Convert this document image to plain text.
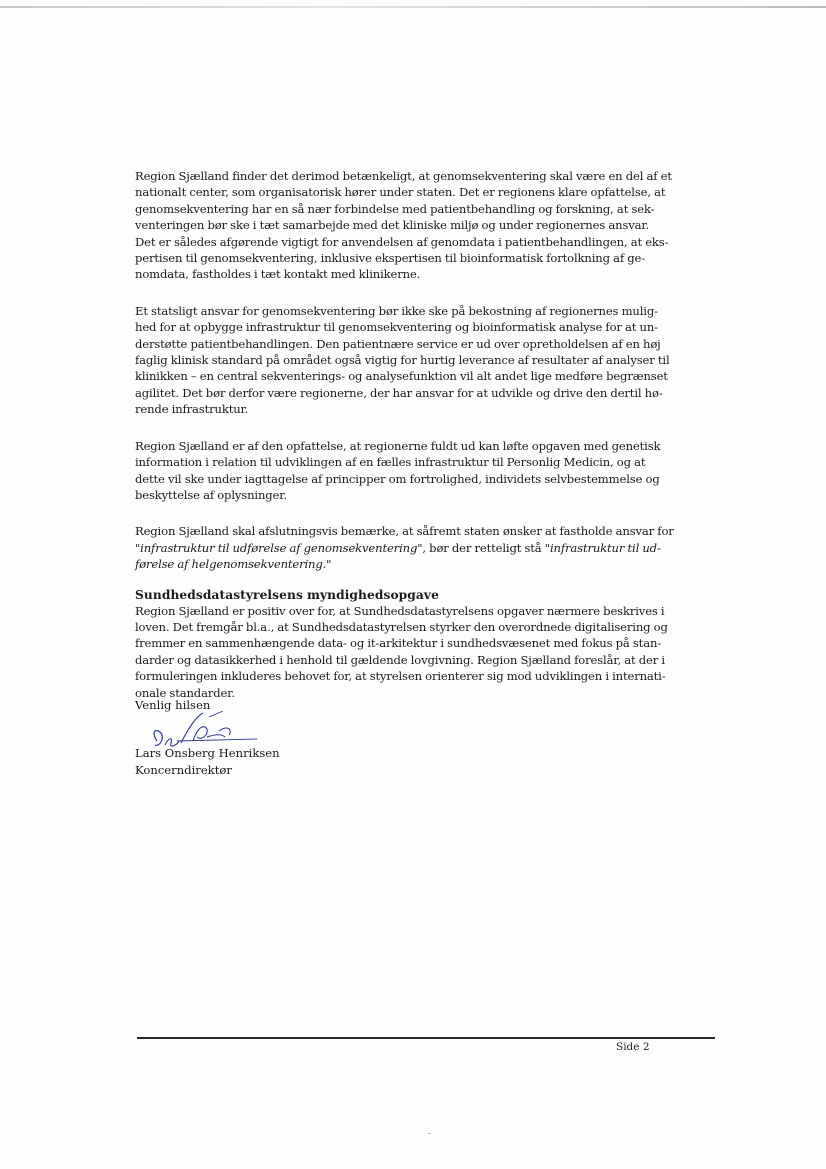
Region Sjælland finder det derimod betænkeligt, at genomsekventering skal være en del af et
nationalt center, som organisatorisk hører under staten. Det er regionens klare opfattelse, at
genomsekventering har en så nær forbindelse med patientbehandling og forskning, at sek-
venteringen bør ske i tæt samarbejde med det kliniske miljø og under regionernes ansvar.
Det er således afgørende vigtigt for anvendelsen af genomdata i patientbehandlingen, at eks-
pertisen til genomsekventering, inklusive ekspertisen til bioinformatisk fortolkning af ge-
nomdata, fastholdes i tæt kontakt med klinikerne.

Et statsligt ansvar for genomsekventering bør ikke ske på bekostning af regionernes mulig-
hed for at opbygge infrastruktur til genomsekventering og bioinformatisk analyse for at un-
derstøtte patientbehandlingen. Den patientnære service er ud over opretholdelsen af en høj
faglig klinisk standard på området også vigtig for hurtig leverance af resultater af analyser til
klinikken – en central sekventerings- og analysefunktion vil alt andet lige medføre begrænset
agilitet. Det bør derfor være regionerne, der har ansvar for at udvikle og drive den dertil hø-
rende infrastruktur.

Region Sjælland er af den opfattelse, at regionerne fuldt ud kan løfte opgaven med genetisk
information i relation til udviklingen af en fælles infrastruktur til Personlig Medicin, og at
dette vil ske under iagttagelse af principper om fortrolighed, individets selvbestemmelse og
beskyttelse af oplysninger.

Region Sjælland skal afslutningsvis bemærke, at såfremt staten ønsker at fastholde ansvar for
"infrastruktur til udførelse af genomsekventering", bør der retteligt stå "infrastruktur til ud-
førelse af helgenomsekventering."

Sundhedsdatastyrelsens myndighedsopgave

Region Sjælland er positiv over for, at Sundhedsdatastyrelsens opgaver nærmere beskrives i
loven. Det fremgår bl.a., at Sundhedsdatastyrelsen styrker den overordnede digitalisering og
fremmer en sammenhængende data- og it-arkitektur i sundhedsvæsenet med fokus på stan-
darder og datasikkerhed i henhold til gældende lovgivning. Region Sjælland foreslår, at der i
formuleringen inkluderes behovet for, at styrelsen orienterer sig mod udviklingen i internati-
onale standarder.

Venlig hilsen

Lars Onsberg Henriksen

Koncerndirektør

Side 2
